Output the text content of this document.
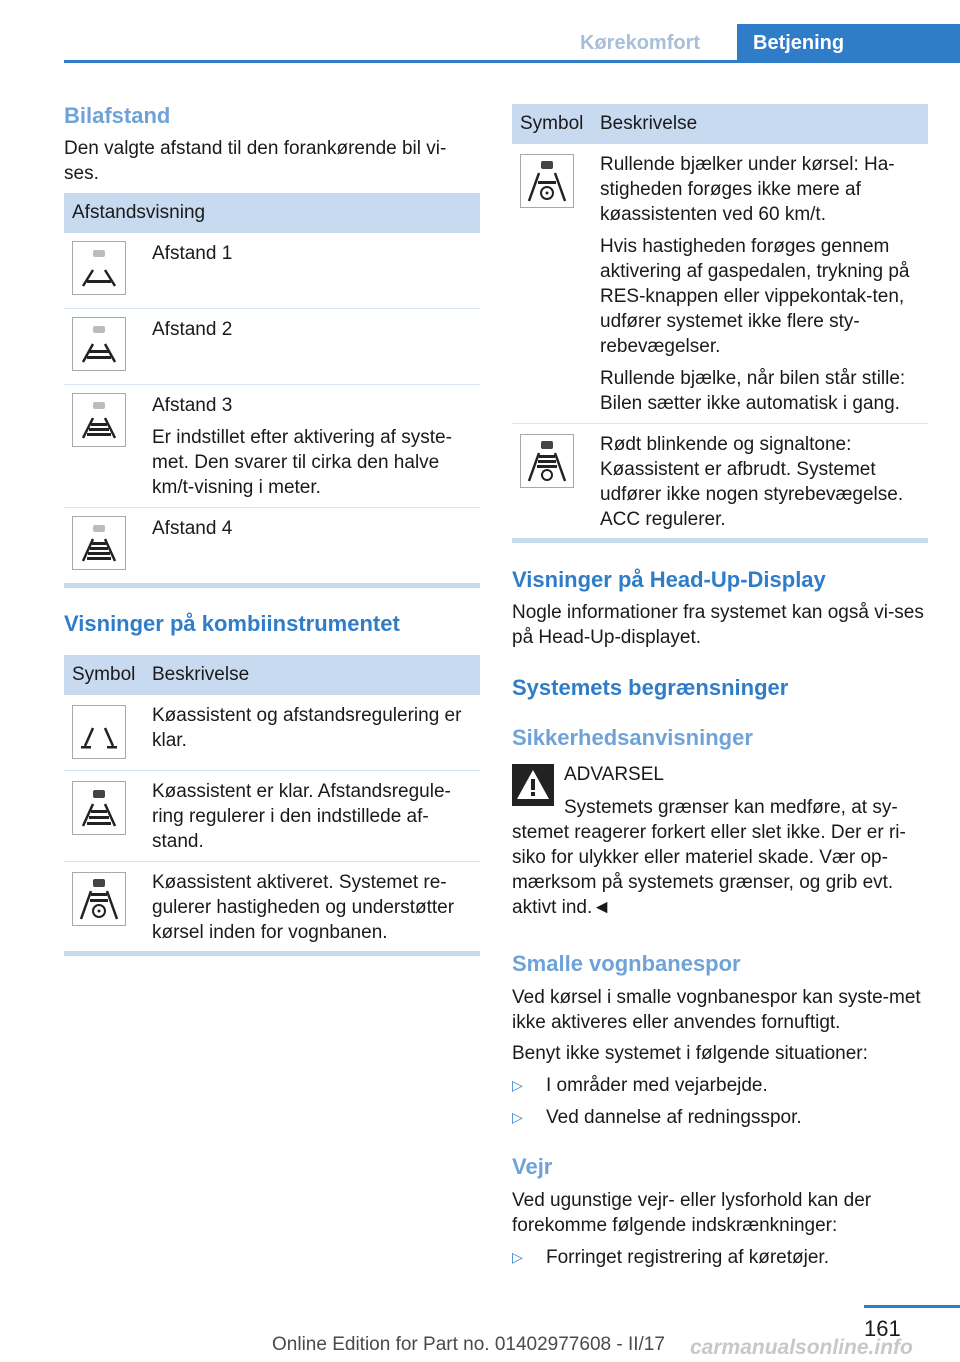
Kørekomfort	Betjening
Bilafstand
Den valgte afstand til den forankørende bil vi-ses.
Afstandsvisning
Afstand 1
Afstand 2

Afstand 3

Er indstillet efter aktivering af syste-met. Den svarer til cirka den halve km/t-visning i meter.

Afstand 4
Visninger på kombiinstrumentet
Symbol Beskrivelse
Køassistent og afstandsregulering er klar.
Køassistent er klar. Afstandsregule-ring regulerer i den indstillede af-stand.
Køassistent aktiveret. Systemet re-gulerer hastigheden og understøtter kørsel inden for vognbanen.
Symbol Beskrivelse

Rullende bjælker under kørsel: Ha-stigheden forøges ikke mere af køassistenten ved 60 km/t.

Hvis hastigheden forøges gennem aktivering af gaspedalen, trykning på RES-knappen eller vippekontak-ten, udfører systemet ikke flere sty-rebevægelser.

Rullende bjælke, når bilen står stille: Bilen sætter ikke automatisk i gang.

Rødt blinkende og signaltone: Køassistent er afbrudt. Systemet udfører ikke nogen styrebevægelse. ACC regulerer.
Visninger på Head-Up-Display
Nogle informationer fra systemet kan også vi-ses på Head-Up-displayet.
Systemets begrænsninger
Sikkerhedsanvisninger
ADVARSEL
Systemets grænser kan medføre, at sy-stemet reagerer forkert eller slet ikke. Der er ri-siko for ulykker eller materiel skade. Vær op-mærksom på systemets grænser, og grib evt. aktivt ind.◄
Smalle vognbanespor
Ved kørsel i smalle vognbanespor kan syste-met ikke aktiveres eller anvendes fornuftigt.
Benyt ikke systemet i følgende situationer:
▷ I områder med vejarbejde.
▷ Ved dannelse af redningsspor.
Vejr
Ved ugunstige vejr- eller lysforhold kan der forekomme følgende indskrænkninger:
▷ Forringet registrering af køretøjer.
161
Online Edition for Part no. 01402977608 - II/17 carmanualsonline.info
